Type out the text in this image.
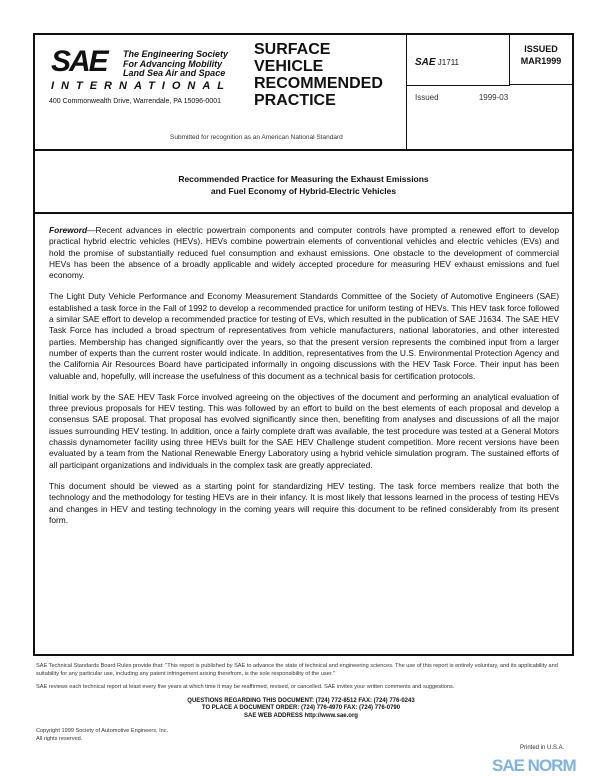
SAE The Engineering Society
For Advancing Mobility
Land Sea Air and Space
INTERNATIONAL
400 Commonwealth Drive, Warrendale, PA 15096-0001
SURFACE
VEHICLE
RECOMMENDED
PRACTICE
Submitted for recognition as an American National Standard
SAE J1711
ISSUED
MAR1999
Issued	1999-03
Recommended Practice for Measuring the Exhaust Emissions
and Fuel Economy of Hybrid-Electric Vehicles

Foreword—Recent advances in electric powertrain components and computer controls have prompted a renewed effort to develop practical hybrid electric vehicles (HEVs). HEVs combine powertrain elements of conventional vehicles and electric vehicles (EVs) and hold the promise of substantially reduced fuel consumption and exhaust emissions. One obstacle to the development of commercial HEVs has been the absence of a broadly applicable and widely accepted procedure for measuring HEV exhaust emissions and fuel economy.

The Light Duty Vehicle Performance and Economy Measurement Standards Committee of the Society of Automotive Engineers (SAE) established a task force in the Fall of 1992 to develop a recommended practice for uniform testing of HEVs. This HEV task force followed a similar SAE effort to develop a recommended practice for testing of EVs, which resulted in the publication of SAE J1634. The SAE HEV Task Force has included a broad spectrum of representatives from vehicle manufacturers, national laboratories, and other interested parties. Membership has changed significantly over the years, so that the present version represents the combined input from a larger number of experts than the current roster would indicate. In addition, representatives from the U.S. Environmental Protection Agency and the California Air Resources Board have participated informally in ongoing discussions with the HEV Task Force. Their input has been valuable and, hopefully, will increase the usefulness of this document as a technical basis for certification protocols.

Initial work by the SAE HEV Task Force involved agreeing on the objectives of the document and performing an analytical evaluation of three previous proposals for HEV testing. This was followed by an effort to build on the best elements of each proposal and develop a consensus SAE proposal. That proposal has evolved significantly since then, benefiting from analyses and discussions of all the major issues surrounding HEV testing. In addition, once a fairly complete draft was available, the test procedure was tested at a General Motors chassis dynamometer facility using three HEVs built for the SAE HEV Challenge student competition. More recent versions have been evaluated by a team from the National Renewable Energy Laboratory using a hybrid vehicle simulation program. The sustained efforts of all participant organizations and individuals in the complex task are greatly appreciated.

This document should be viewed as a starting point for standardizing HEV testing. The task force members realize that both the technology and the methodology for testing HEVs are in their infancy. It is most likely that lessons learned in the process of testing HEVs and changes in HEV and testing technology in the coming years will require this document to be refined considerably from its present form.

SAE Technical Standards Board Rules provide that: "This report is published by SAE to advance the state of technical and engineering sciences. The use of this report is entirely voluntary, and its applicability and suitability for any particular use, including any patent infringement arising therefrom, is the sole responsibility of the user."

SAE reviews each technical report at least every five years at which time it may be reaffirmed, revised, or cancelled. SAE invites your written comments and suggestions.

QUESTIONS REGARDING THIS DOCUMENT: (724) 772-8512 FAX: (724) 776-0243
TO PLACE A DOCUMENT ORDER: (724) 776-4970 FAX: (724) 776-0790
SAE WEB ADDRESS http://www.sae.org
Copyright 1999 Society of Automotive Engineers, Inc.
All rights reserved.
Printed in U.S.A.
SAE NORM
